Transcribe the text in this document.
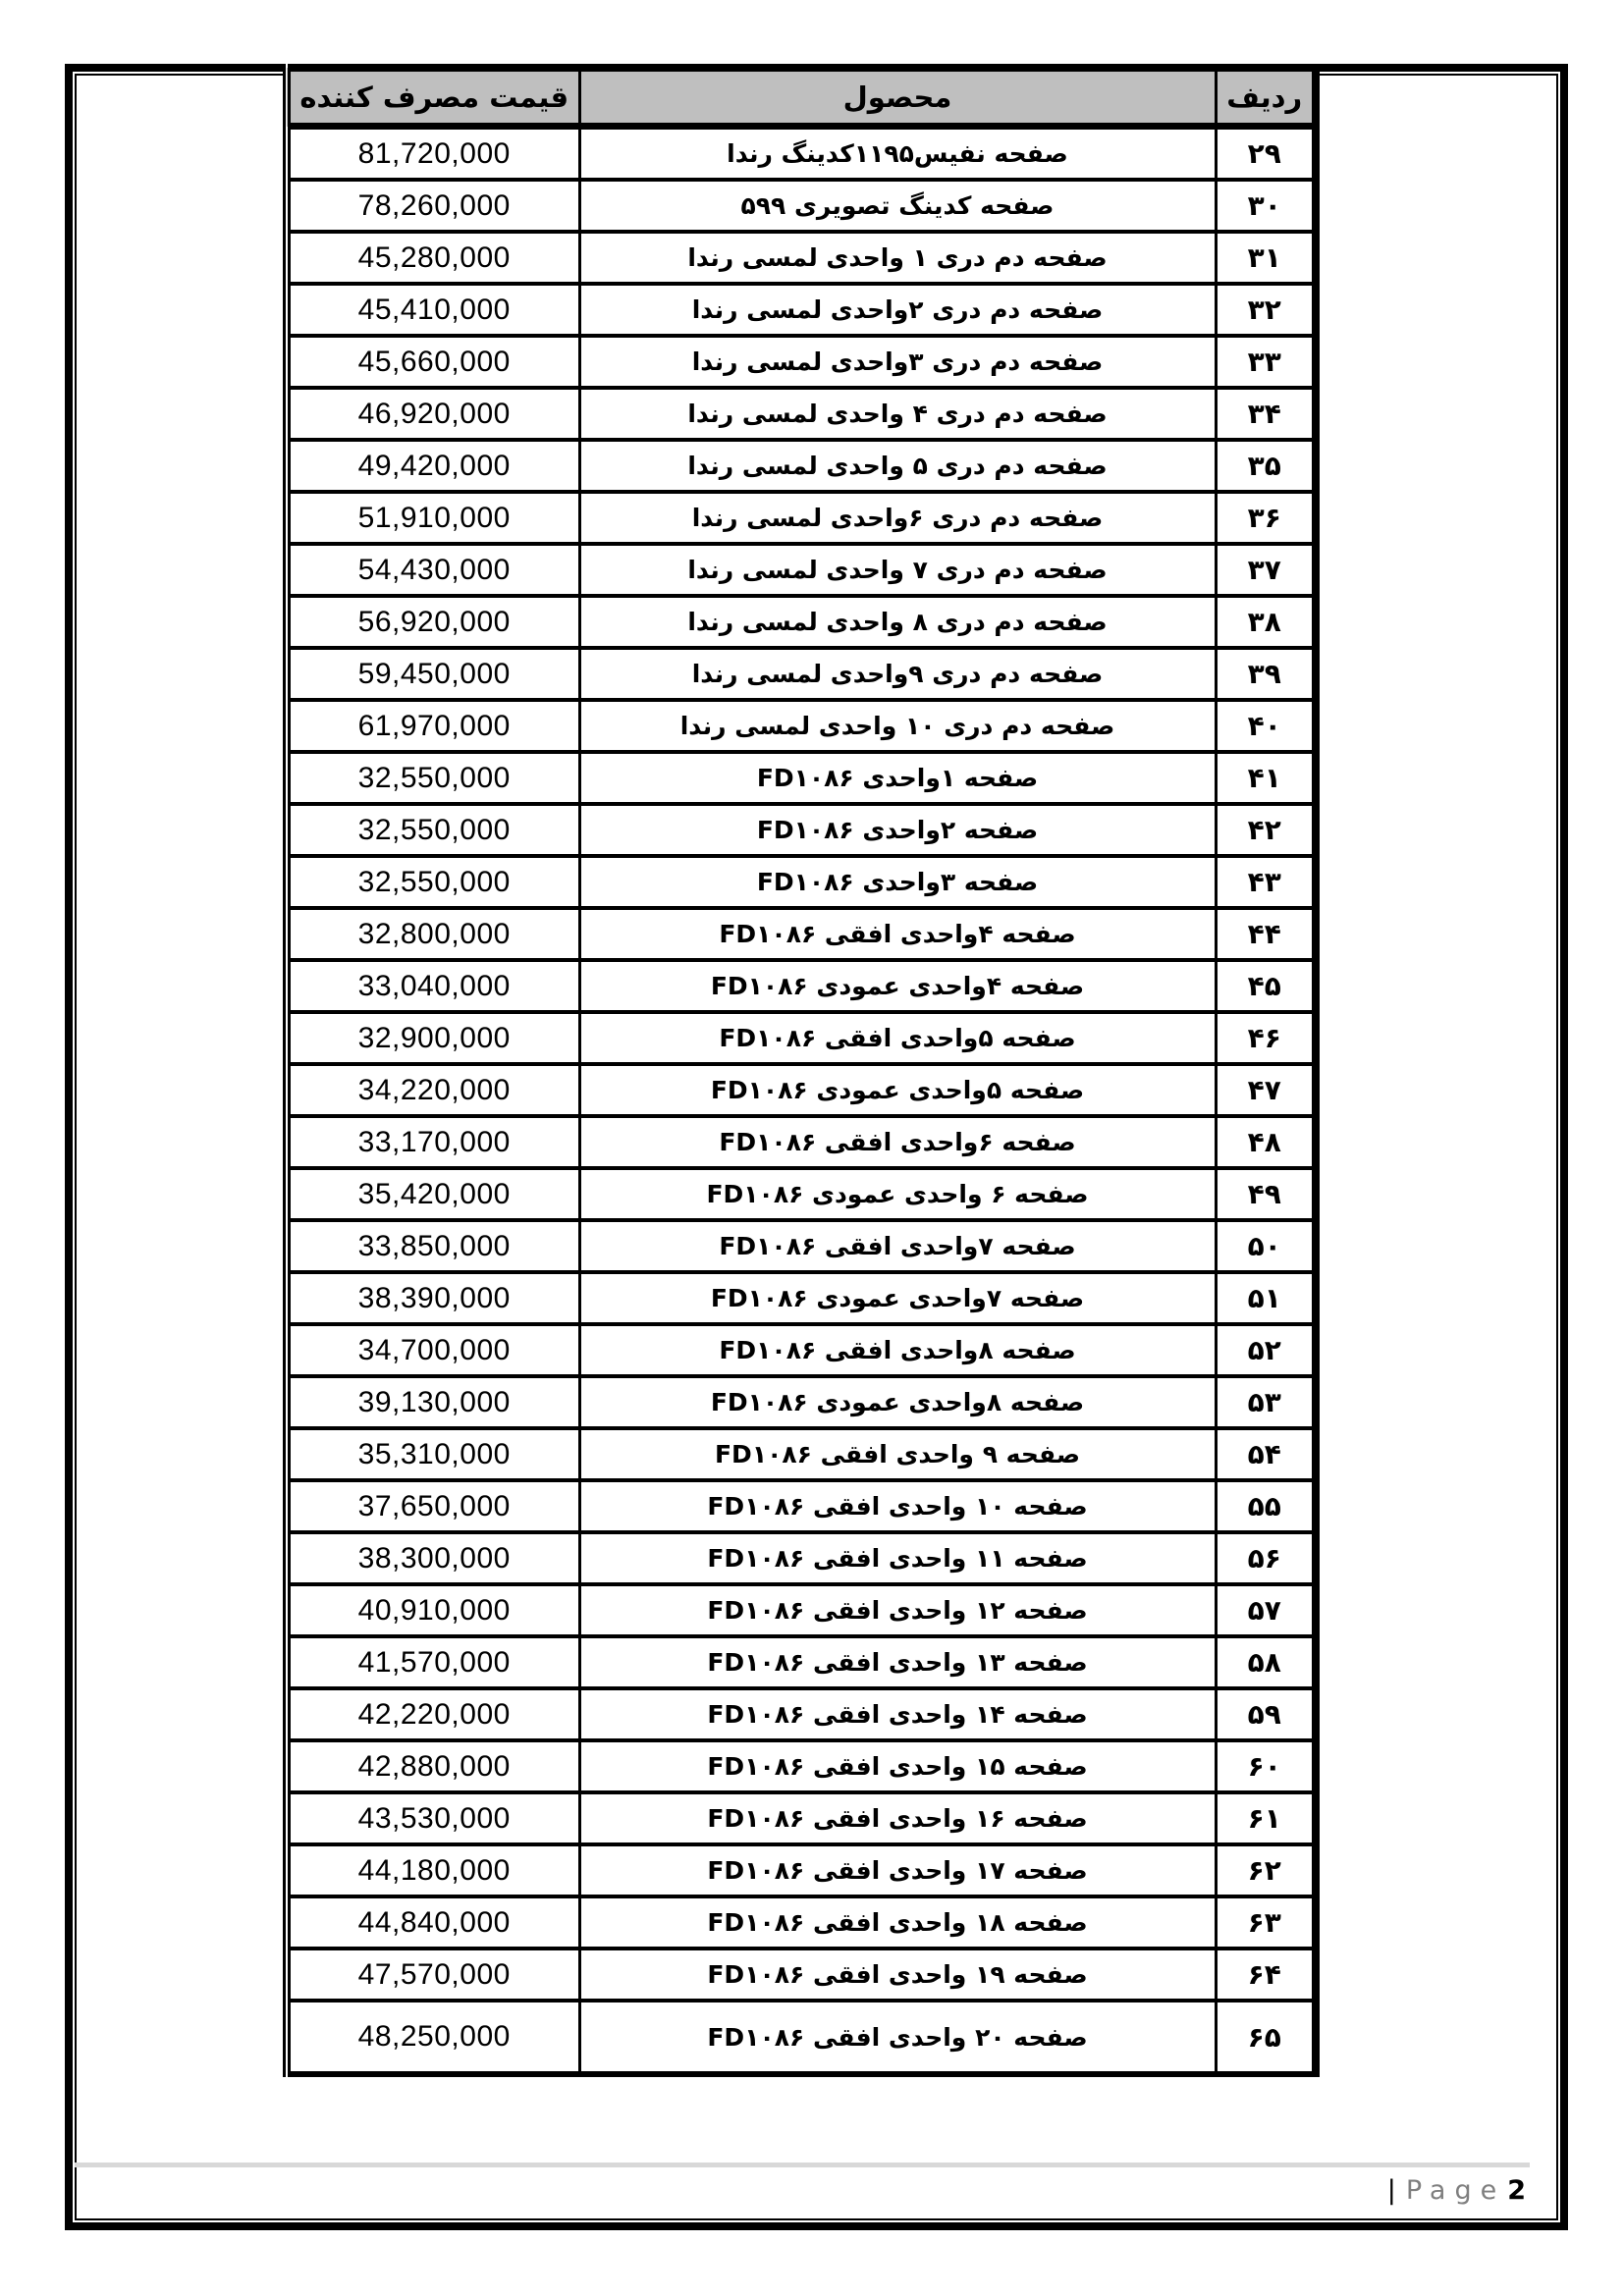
قیمت مصرف کننده	محصول	ردیف
81,720,000	صفحه نفیس۱۱۹۵کدینگ رندا	۲۹
78,260,000	صفحه کدینگ تصویری ۵۹۹	۳۰
45,280,000	صفحه دم دری ۱ واحدی لمسی رندا	۳۱
45,410,000	صفحه دم دری ۲واحدی لمسی رندا	۳۲
45,660,000	صفحه دم دری ۳واحدی لمسی رندا	۳۳
46,920,000	صفحه دم دری ۴ واحدی لمسی رندا	۳۴
49,420,000	صفحه دم دری ۵ واحدی لمسی رندا	۳۵
51,910,000	صفحه دم دری ۶واحدی لمسی رندا	۳۶
54,430,000	صفحه دم دری ۷ واحدی لمسی رندا	۳۷
56,920,000	صفحه دم دری ۸ واحدی لمسی رندا	۳۸
59,450,000	صفحه دم دری ۹واحدی لمسی رندا	۳۹
61,970,000	صفحه دم دری ۱۰ واحدی لمسی رندا	۴۰
32,550,000	صفحه ۱واحدی FD۱۰۸۶	۴۱
32,550,000	صفحه ۲واحدی FD۱۰۸۶	۴۲
32,550,000	صفحه ۳واحدی FD۱۰۸۶	۴۳
32,800,000	صفحه ۴واحدی افقی FD۱۰۸۶	۴۴
33,040,000	صفحه ۴واحدی عمودی FD۱۰۸۶	۴۵
32,900,000	صفحه ۵واحدی افقی FD۱۰۸۶	۴۶
34,220,000	صفحه ۵واحدی عمودی FD۱۰۸۶	۴۷
33,170,000	صفحه ۶واحدی افقی FD۱۰۸۶	۴۸
35,420,000	صفحه ۶ واحدی عمودی FD۱۰۸۶	۴۹
33,850,000	صفحه ۷واحدی افقی FD۱۰۸۶	۵۰
38,390,000	صفحه ۷واحدی عمودی FD۱۰۸۶	۵۱
34,700,000	صفحه ۸واحدی افقی FD۱۰۸۶	۵۲
39,130,000	صفحه ۸واحدی عمودی FD۱۰۸۶	۵۳
35,310,000	صفحه ۹ واحدی افقی FD۱۰۸۶	۵۴
37,650,000	صفحه ۱۰ واحدی افقی FD۱۰۸۶	۵۵
38,300,000	صفحه ۱۱ واحدی افقی FD۱۰۸۶	۵۶
40,910,000	صفحه ۱۲ واحدی افقی FD۱۰۸۶	۵۷
41,570,000	صفحه ۱۳ واحدی افقی FD۱۰۸۶	۵۸
42,220,000	صفحه ۱۴ واحدی افقی FD۱۰۸۶	۵۹
42,880,000	صفحه ۱۵ واحدی افقی FD۱۰۸۶	۶۰
43,530,000	صفحه ۱۶ واحدی افقی FD۱۰۸۶	۶۱
44,180,000	صفحه ۱۷ واحدی افقی FD۱۰۸۶	۶۲
44,840,000	صفحه ۱۸ واحدی افقی FD۱۰۸۶	۶۳
47,570,000	صفحه ۱۹ واحدی افقی FD۱۰۸۶	۶۴
48,250,000	صفحه ۲۰ واحدی افقی FD۱۰۸۶	۶۵
| Page2
